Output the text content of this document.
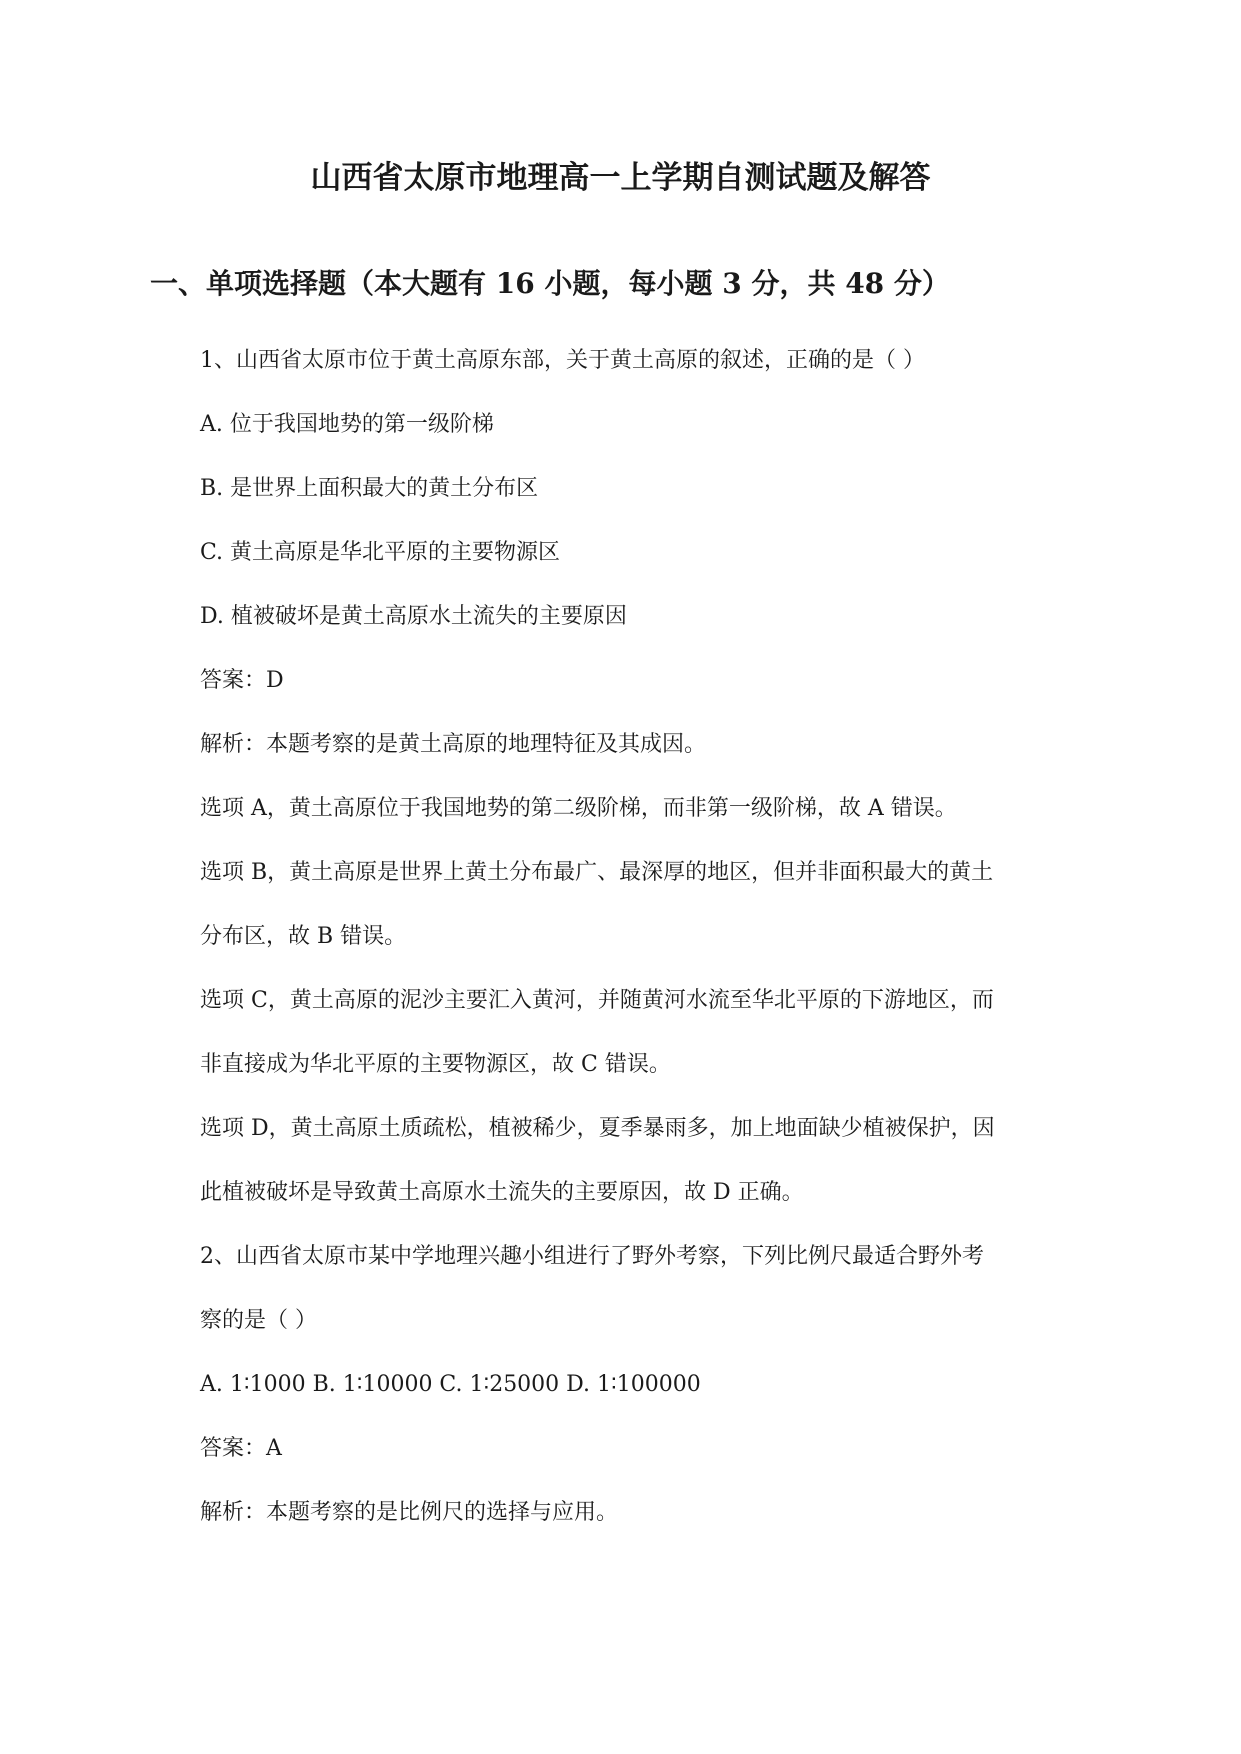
山西省太原市地理高一上学期自测试题及解答
一、单项选择题（本大题有 16 小题，每小题 3 分，共 48 分）

1、山西省太原市位于黄土高原东部，关于黄土高原的叙述，正确的是（ ）

A. 位于我国地势的第一级阶梯

B. 是世界上面积最大的黄土分布区

C. 黄土高原是华北平原的主要物源区

D. 植被破坏是黄土高原水土流失的主要原因

答案：D

解析：本题考察的是黄土高原的地理特征及其成因。

选项 A，黄土高原位于我国地势的第二级阶梯，而非第一级阶梯，故 A 错误。

选项 B，黄土高原是世界上黄土分布最广、最深厚的地区，但并非面积最大的黄土

分布区，故 B 错误。

选项 C，黄土高原的泥沙主要汇入黄河，并随黄河水流至华北平原的下游地区，而

非直接成为华北平原的主要物源区，故 C 错误。

选项 D，黄土高原土质疏松，植被稀少，夏季暴雨多，加上地面缺少植被保护，因

此植被破坏是导致黄土高原水土流失的主要原因，故 D 正确。

2、山西省太原市某中学地理兴趣小组进行了野外考察，下列比例尺最适合野外考

察的是（ ）

A. 1∶1000 B. 1∶10000 C. 1∶25000 D. 1∶100000

答案：A

解析：本题考察的是比例尺的选择与应用。
